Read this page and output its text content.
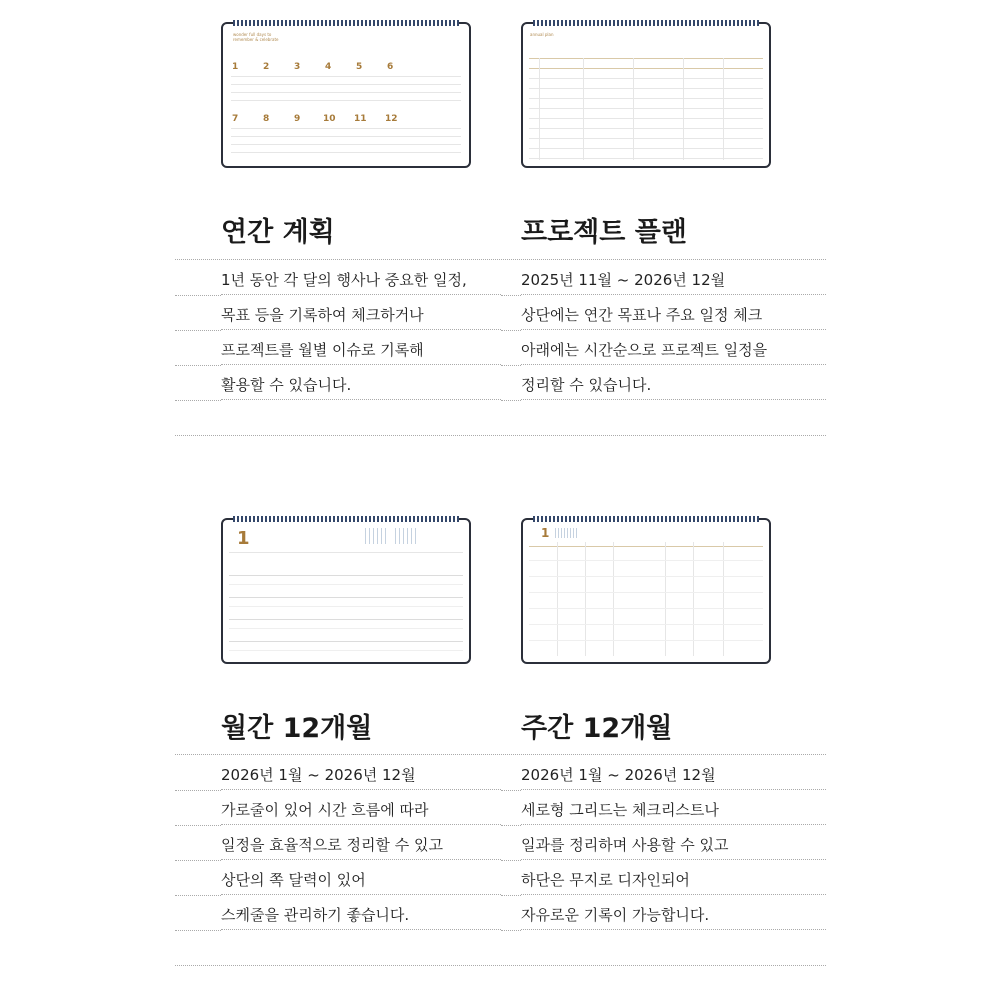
wonder full days to remember & celebrate
1	2	3	4	5	6
7	8	9	10 11 12
annual plan
1	1
연간 계획
1년 동안 각 달의 행사나 중요한 일정,
목표 등을 기록하여 체크하거나
프로젝트를 월별 이슈로 기록해
활용할 수 있습니다.
프로젝트 플랜
2025년 11월 ~ 2026년 12월
상단에는 연간 목표나 주요 일정 체크
아래에는 시간순으로 프로젝트 일정을
정리할 수 있습니다.
월간 12개월
2026년 1월 ~ 2026년 12월
가로줄이 있어 시간 흐름에 따라
일정을 효율적으로 정리할 수 있고
상단의 쪽 달력이 있어
스케줄을 관리하기 좋습니다.
주간 12개월
2026년 1월 ~ 2026년 12월
세로형 그리드는 체크리스트나
일과를 정리하며 사용할 수 있고
하단은 무지로 디자인되어
자유로운 기록이 가능합니다.
